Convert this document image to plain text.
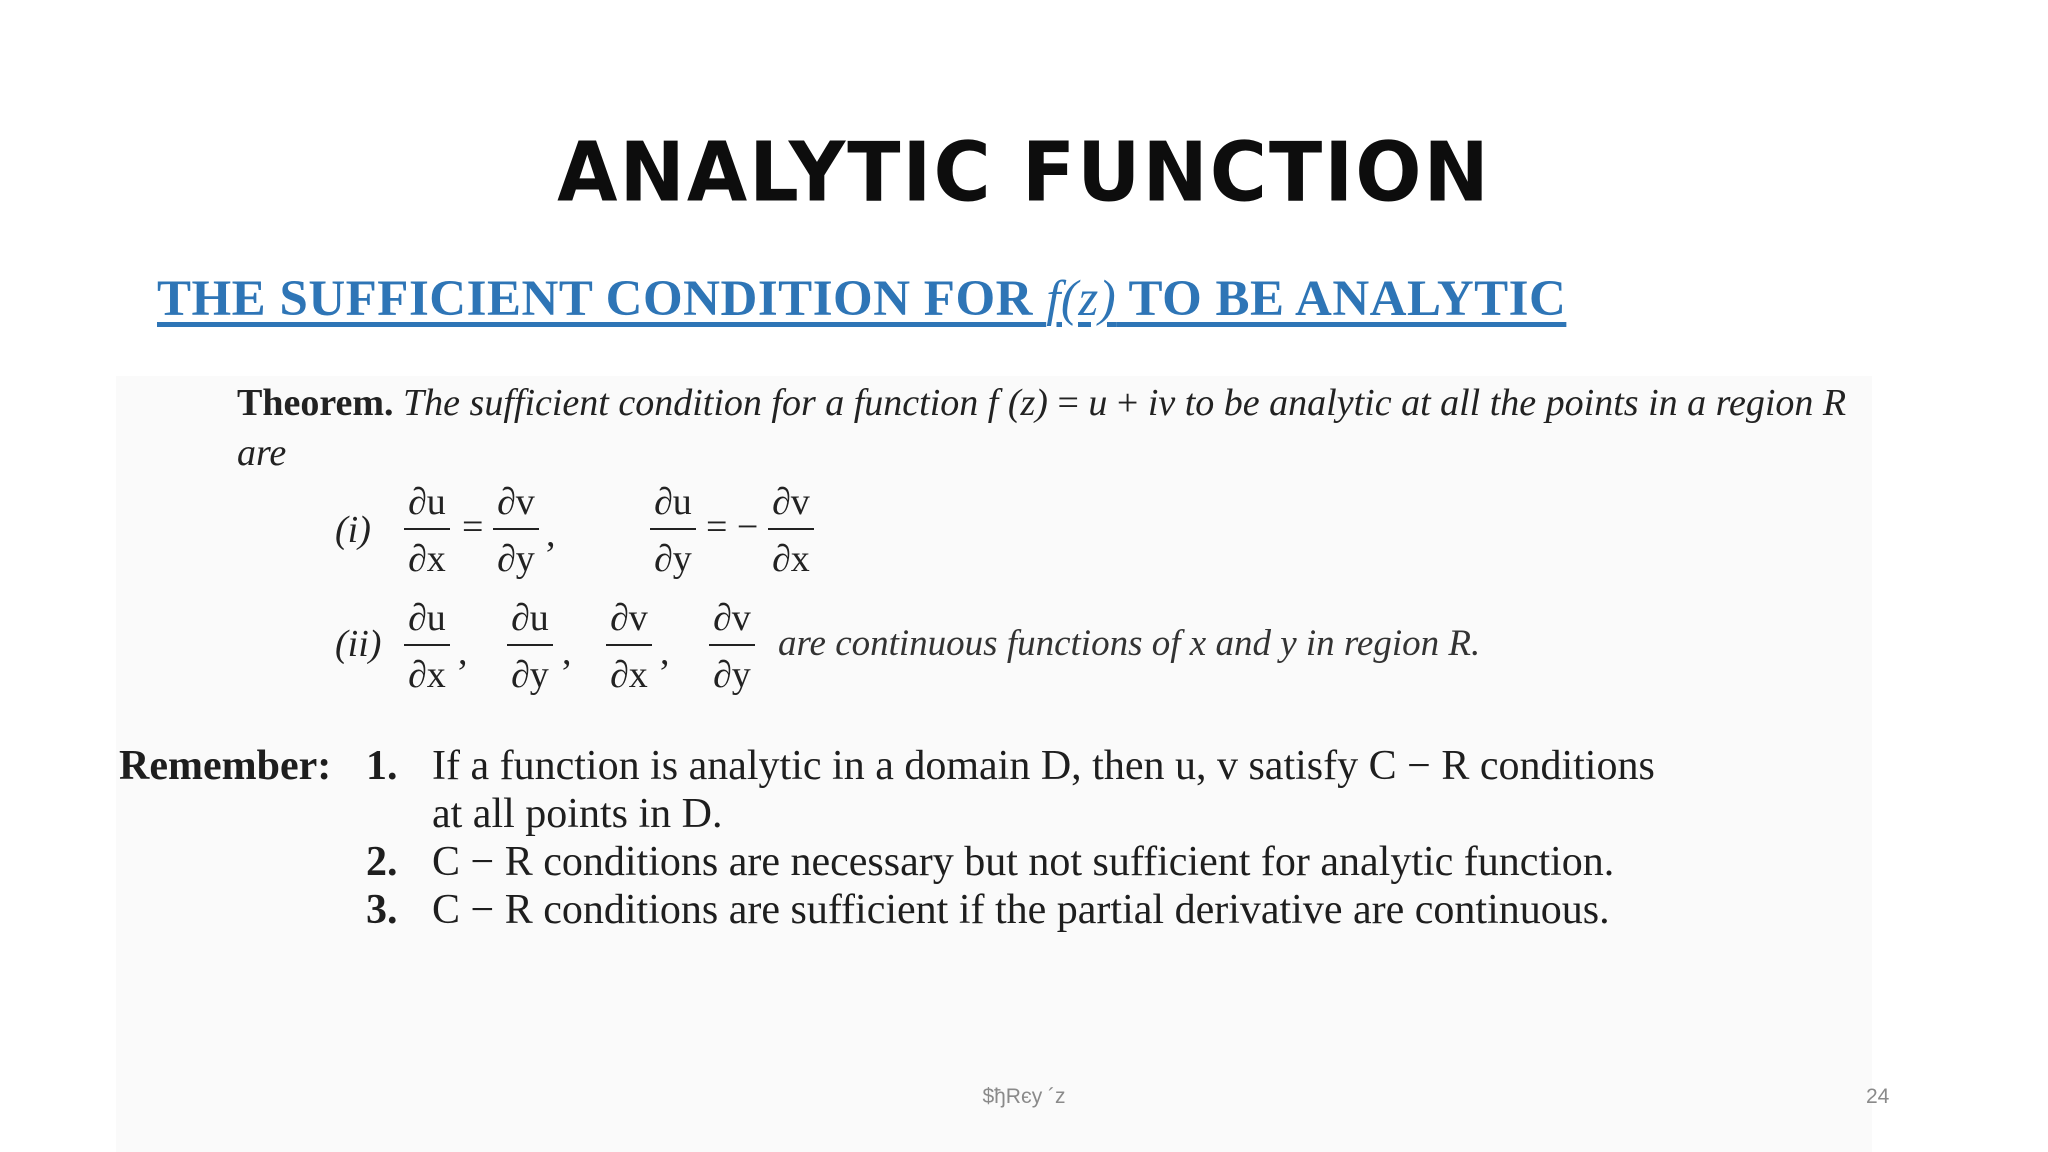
ANALYTIC FUNCTION
THE SUFFICIENT CONDITION FOR f(z) TO BE ANALYTIC
Theorem. The sufficient condition for a function f (z) = u + iv to be analytic at all the points in a region R are
$(i) \frac{\partial u}{\partial x} = \frac{\partial v}{\partial y}$ , $\frac{\partial u}{\partial y}$ = − $\frac{\partial v}{\partial x}$
$(ii) \frac{\partial u}{\partial x}$ , $\frac{\partial u}{\partial y}$ , $\frac{\partial v}{\partial x}$ , $\frac{\partial v}{\partial y}$ are continuous functions of x and y in region R.
Remember: 1. If a function is analytic in a domain D, then u, v satisfy C − R conditions
at all points in D.
2. C − R conditions are necessary but not sufficient for analytic function.
3. C − R conditions are sufficient if the partial derivative are continuous.
$ђRєу ´z	24
